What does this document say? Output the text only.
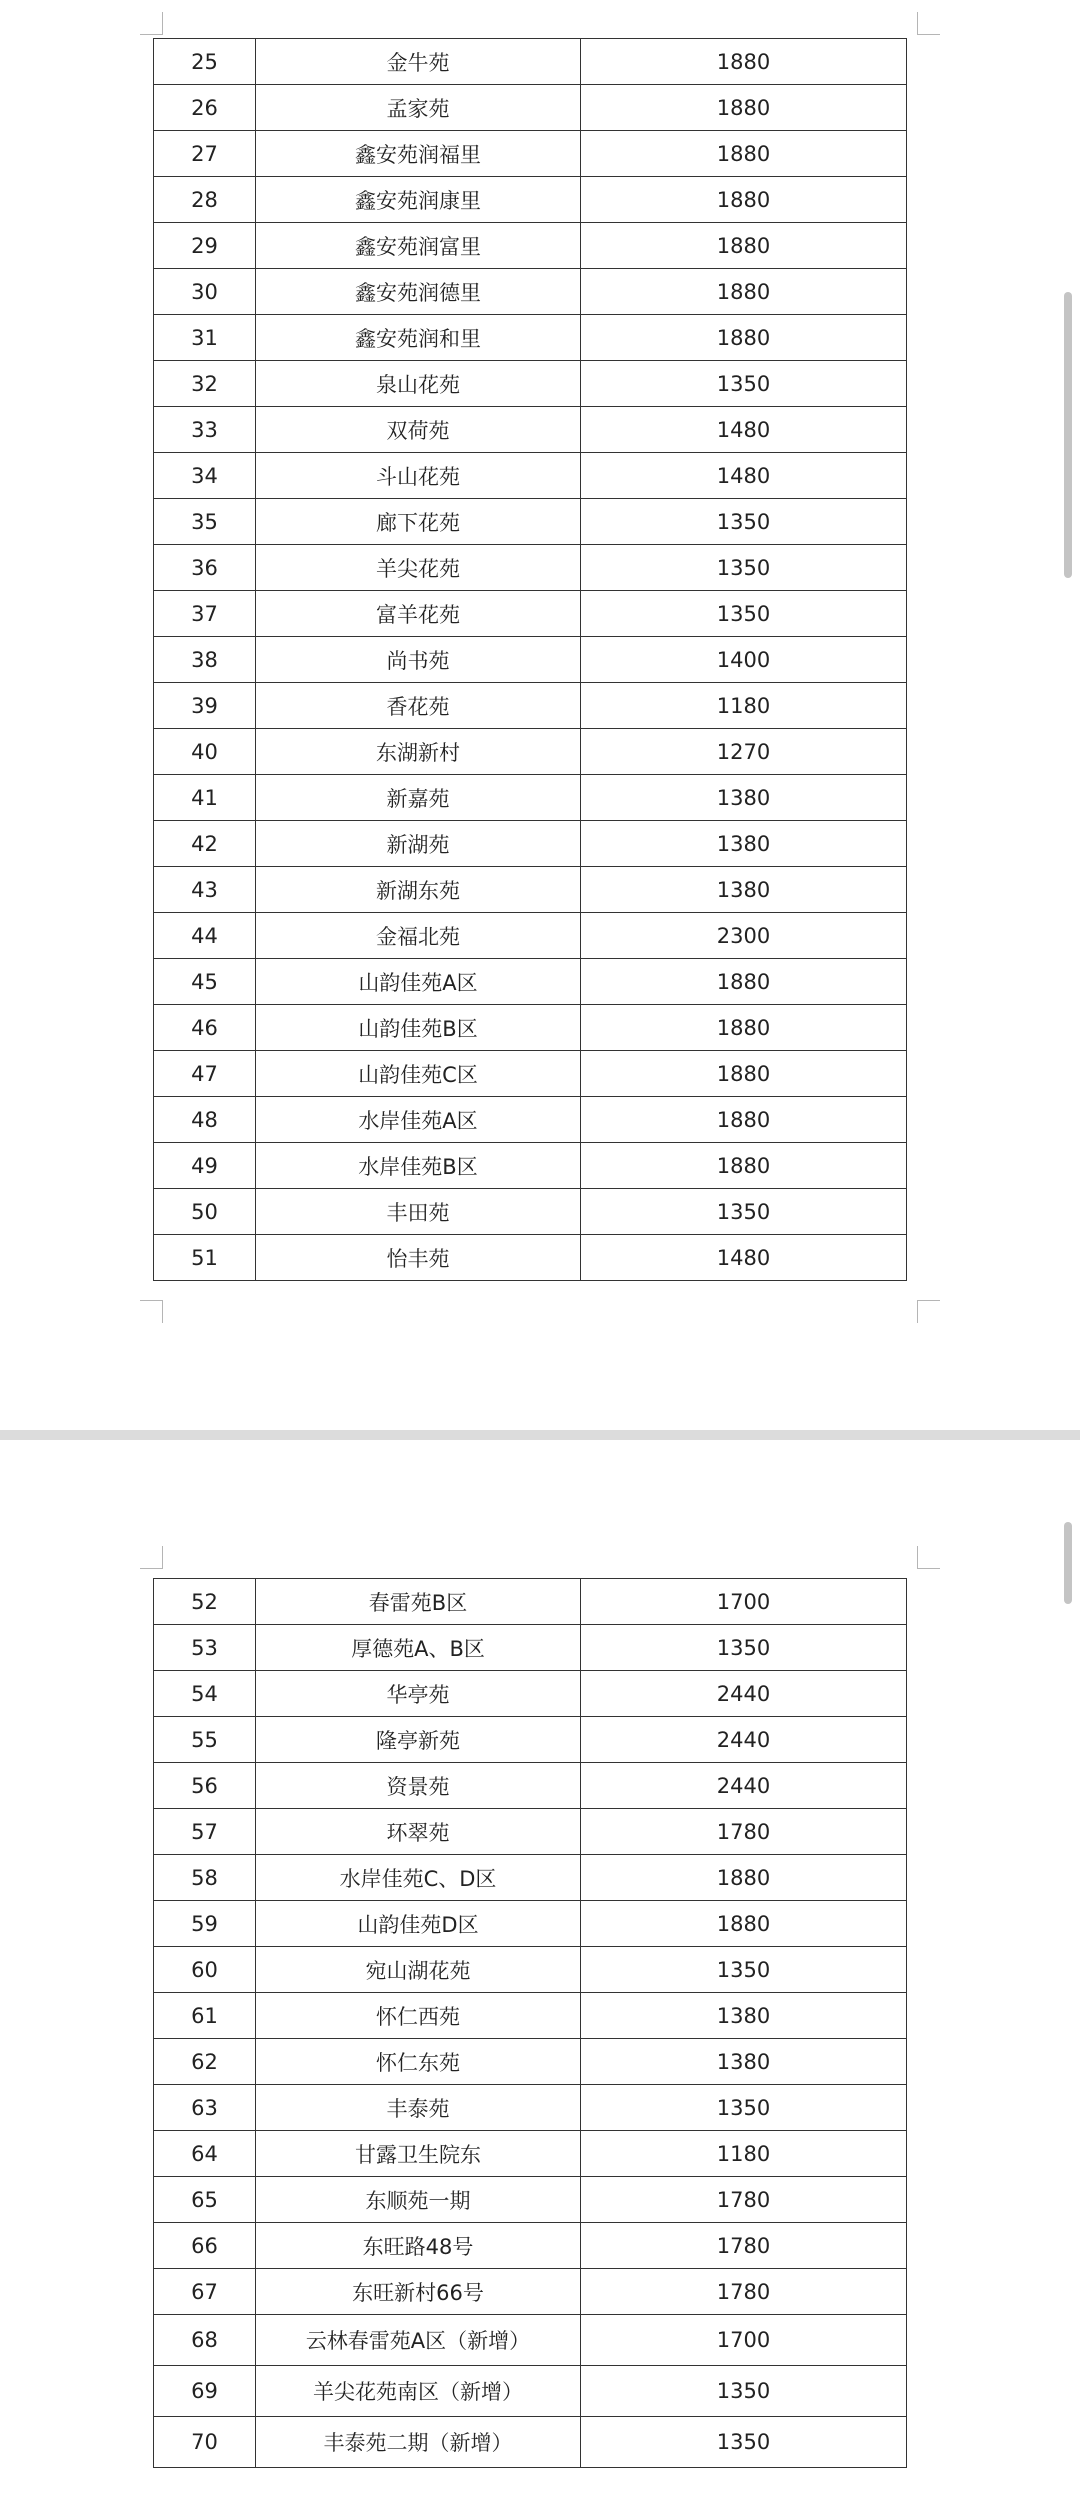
25	金牛苑	1880
26	孟家苑	1880
27	鑫安苑润福里	1880
28	鑫安苑润康里	1880
29	鑫安苑润富里	1880
30	鑫安苑润德里	1880
31	鑫安苑润和里	1880
32	泉山花苑	1350
33	双荷苑	1480
34	斗山花苑	1480
35	廊下花苑	1350
36	羊尖花苑	1350
37	富羊花苑	1350
38	尚书苑	1400
39	香花苑	1180
40	东湖新村	1270
41	新嘉苑	1380
42	新湖苑	1380
43	新湖东苑	1380
44	金福北苑	2300
45	山韵佳苑A区	1880
46	山韵佳苑B区	1880
47	山韵佳苑C区	1880
48	水岸佳苑A区	1880
49	水岸佳苑B区	1880
50	丰田苑	1350
51	怡丰苑	1480
52	春雷苑B区	1700
53	厚德苑A、B区	1350
54	华亭苑	2440
55	隆亭新苑	2440
56	资景苑	2440
57	环翠苑	1780
58	水岸佳苑C、D区	1880
59	山韵佳苑D区	1880
60	宛山湖花苑	1350
61	怀仁西苑	1380
62	怀仁东苑	1380
63	丰泰苑	1350
64	甘露卫生院东	1180
65	东顺苑一期	1780
66	东旺路48号	1780
67	东旺新村66号	1780
68	云林春雷苑A区（新增）	1700
69	羊尖花苑南区（新增）	1350
70	丰泰苑二期（新增）	1350
